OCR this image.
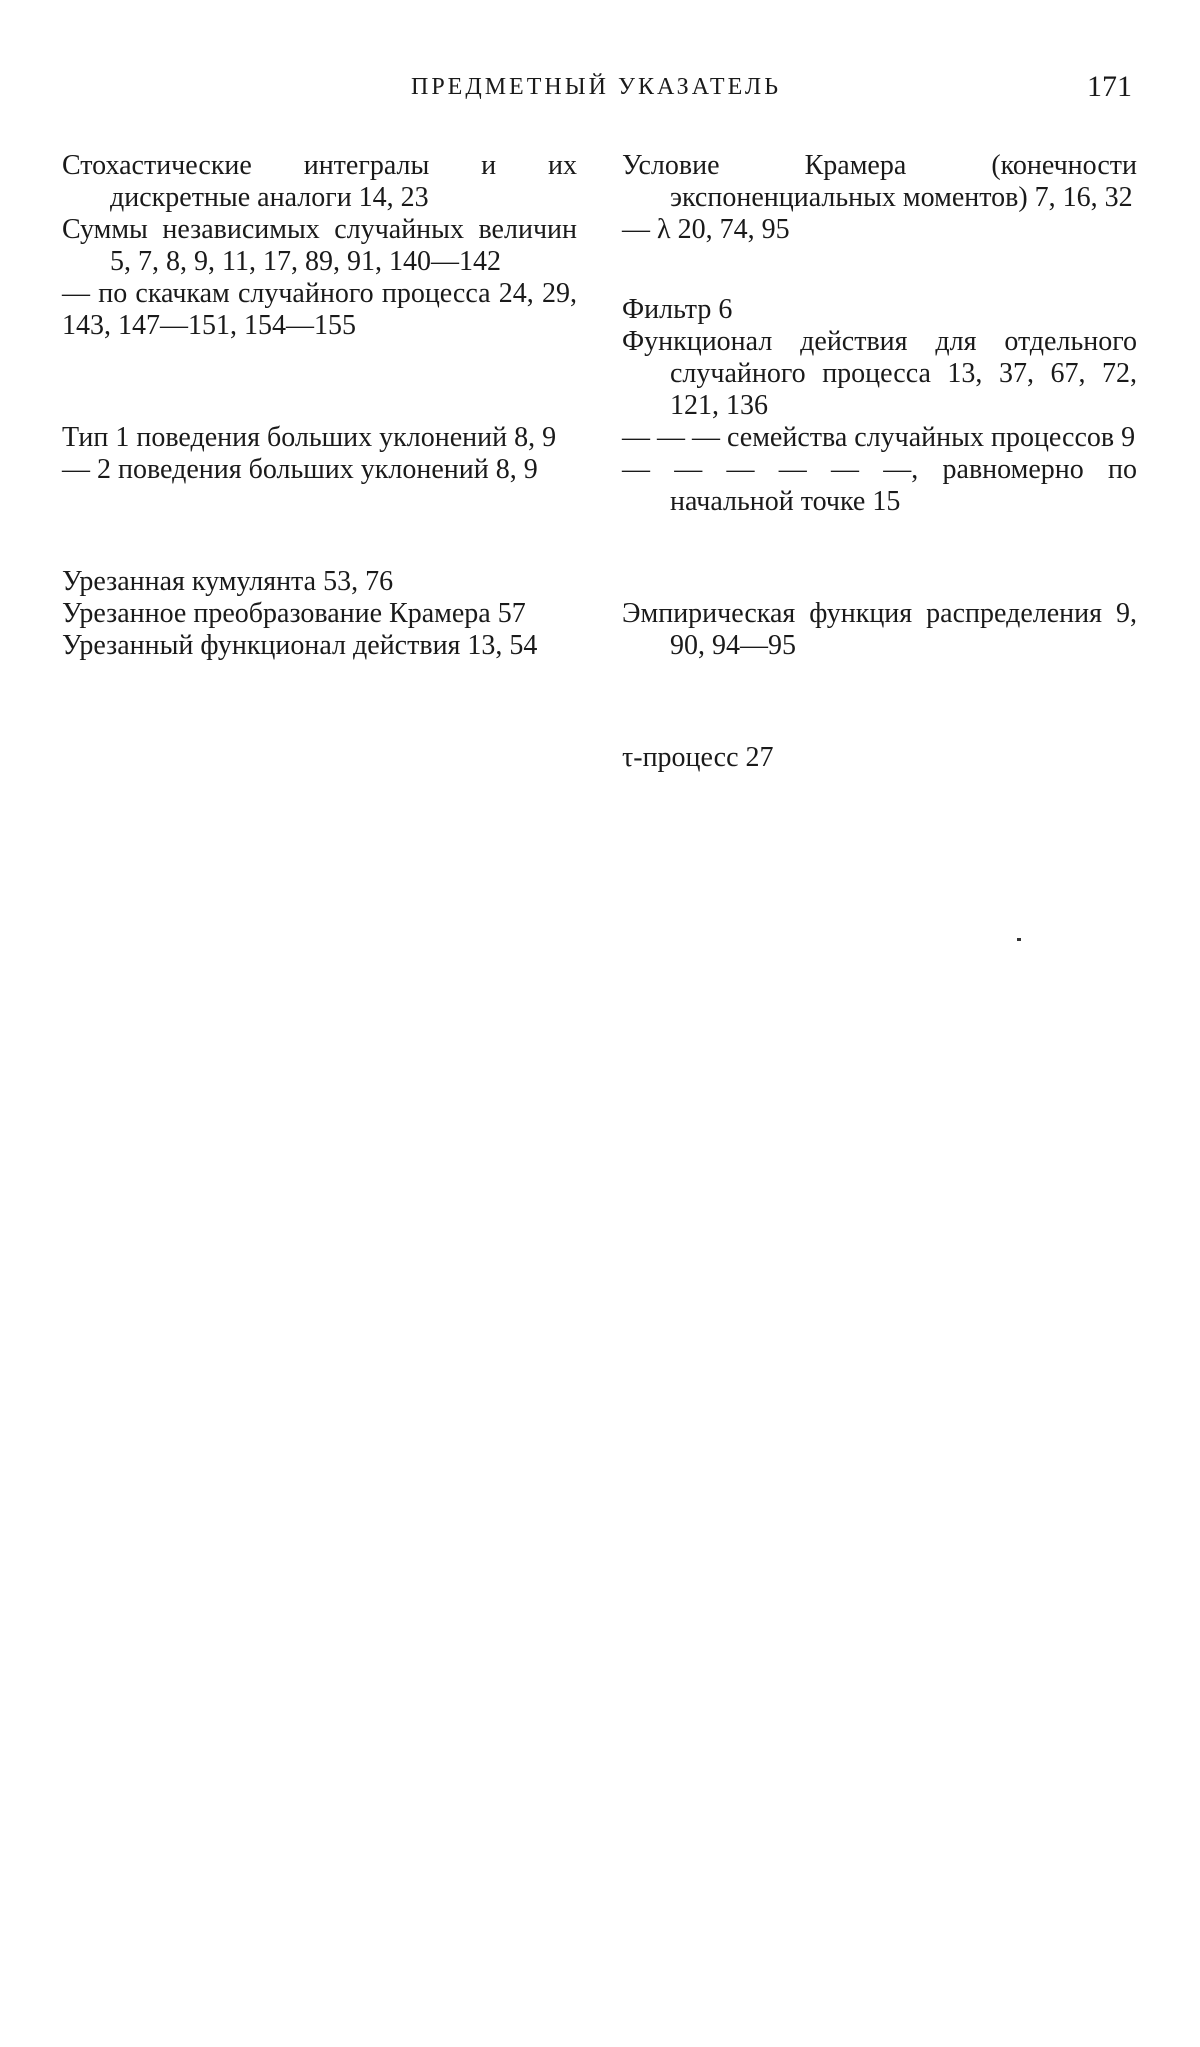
ПРЕДМЕТНЫЙ УКАЗАТЕЛЬ	171

Стохастические интегралы и их дискретные аналоги 14, 23

Суммы независимых случайных величин 5, 7, 8, 9, 11, 17, 89, 91, 140—142

— по скачкам случайного процесса 24, 29, 143, 147—151, 154—155

Тип 1 поведения больших уклонений 8, 9

— 2 поведения больших уклонений 8, 9

Урезанная кумулянта 53, 76

Урезанное преобразование Крамера 57

Урезанный функционал действия 13, 54

Условие Крамера (конечности экспоненциальных моментов) 7, 16, 32

— λ 20, 74, 95

Фильтр 6

Функционал действия для отдельного случайного процесса 13, 37, 67, 72, 121, 136

— — — семейства случайных процессов 9

— — — — — —, равномерно по начальной точке 15

Эмпирическая функция распределения 9, 90, 94—95

τ-процесс 27
